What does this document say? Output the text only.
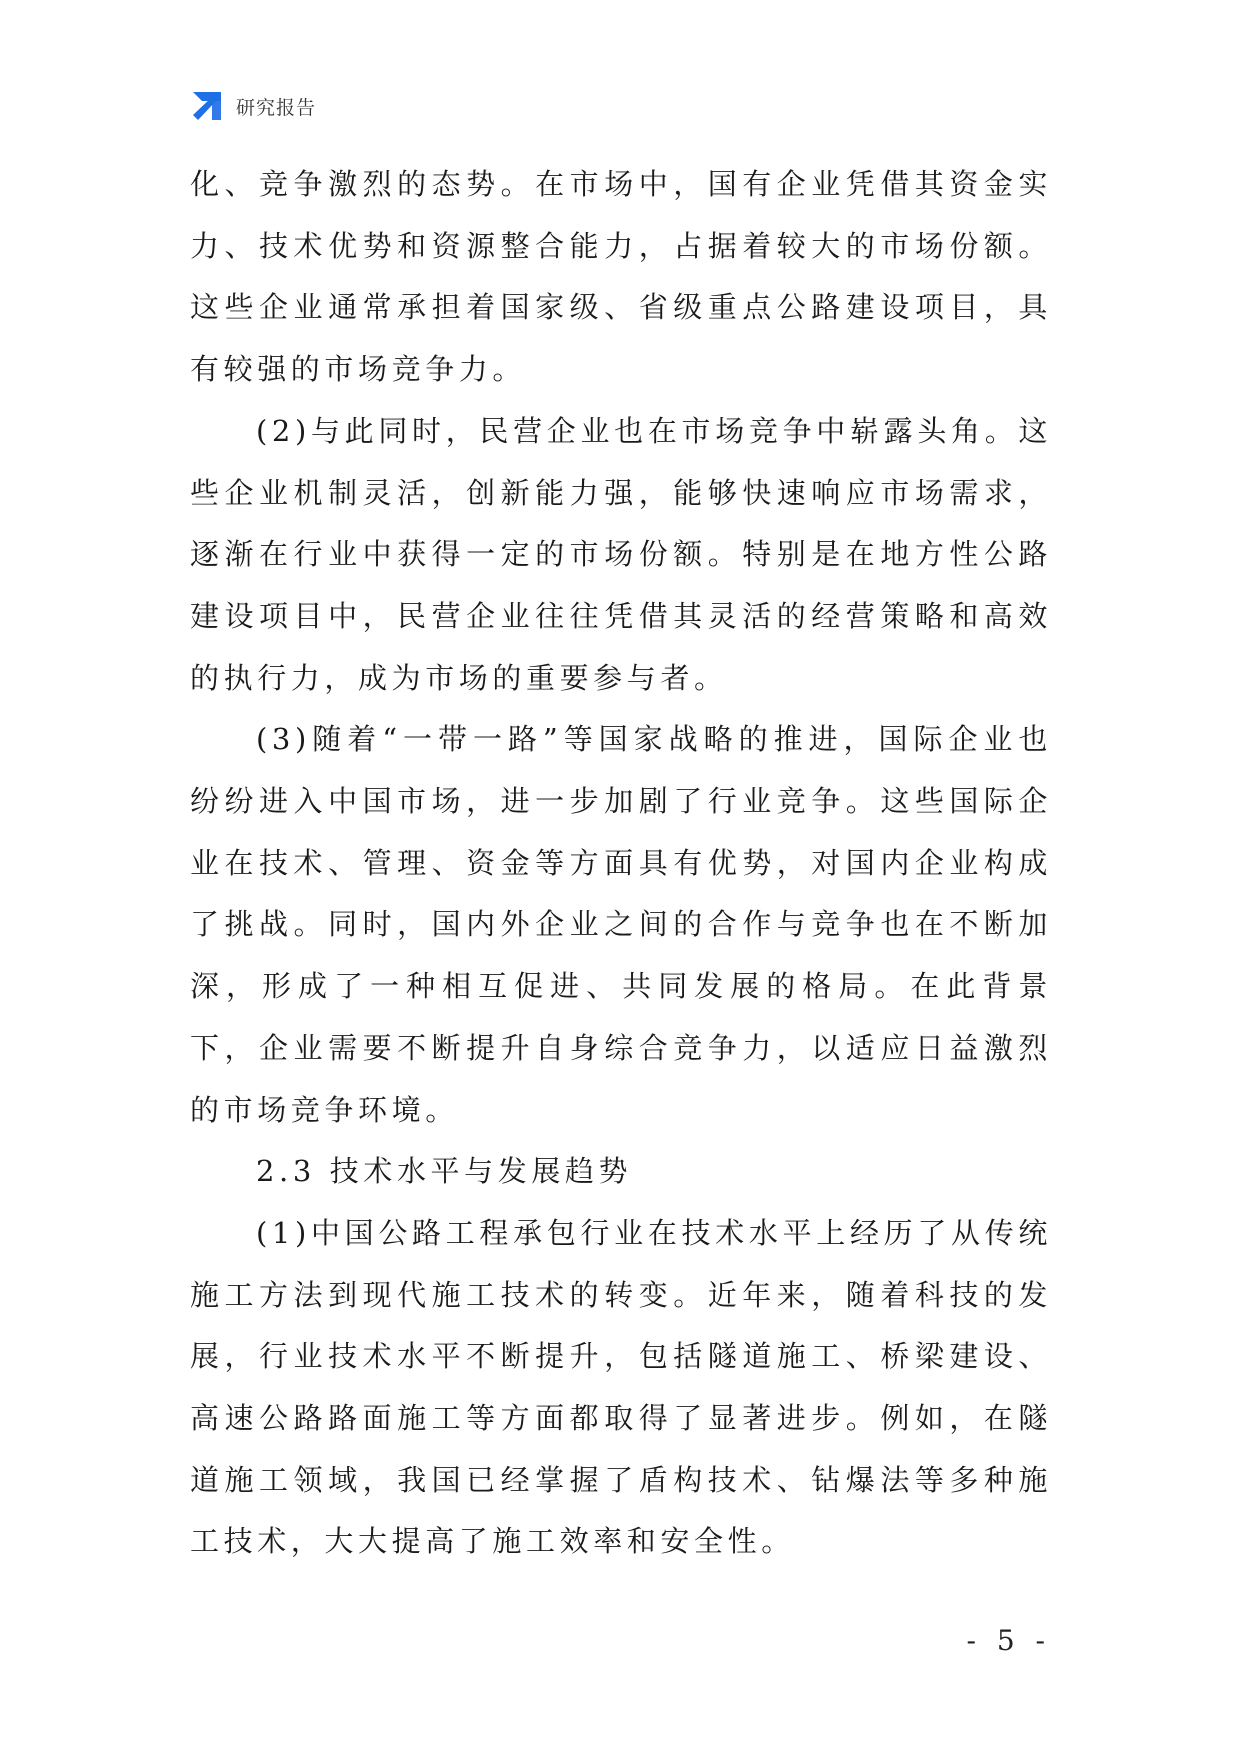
研究报告

化、竞争激烈的态势。在市场中，国有企业凭借其资金实力、技术优势和资源整合能力，占据着较大的市场份额。这些企业通常承担着国家级、省级重点公路建设项目，具有较强的市场竞争力。

(2)与此同时，民营企业也在市场竞争中崭露头角。这些企业机制灵活，创新能力强，能够快速响应市场需求，逐渐在行业中获得一定的市场份额。特别是在地方性公路建设项目中，民营企业往往凭借其灵活的经营策略和高效的执行力，成为市场的重要参与者。

(3)随着“一带一路”等国家战略的推进，国际企业也纷纷进入中国市场，进一步加剧了行业竞争。这些国际企业在技术、管理、资金等方面具有优势，对国内企业构成了挑战。同时，国内外企业之间的合作与竞争也在不断加深，形成了一种相互促进、共同发展的格局。在此背景下，企业需要不断提升自身综合竞争力，以适应日益激烈的市场竞争环境。

2.3 技术水平与发展趋势

(1)中国公路工程承包行业在技术水平上经历了从传统施工方法到现代施工技术的转变。近年来，随着科技的发展，行业技术水平不断提升，包括隧道施工、桥梁建设、高速公路路面施工等方面都取得了显著进步。例如，在隧道施工领域，我国已经掌握了盾构技术、钻爆法等多种施工技术，大大提高了施工效率和安全性。

- 5 -
